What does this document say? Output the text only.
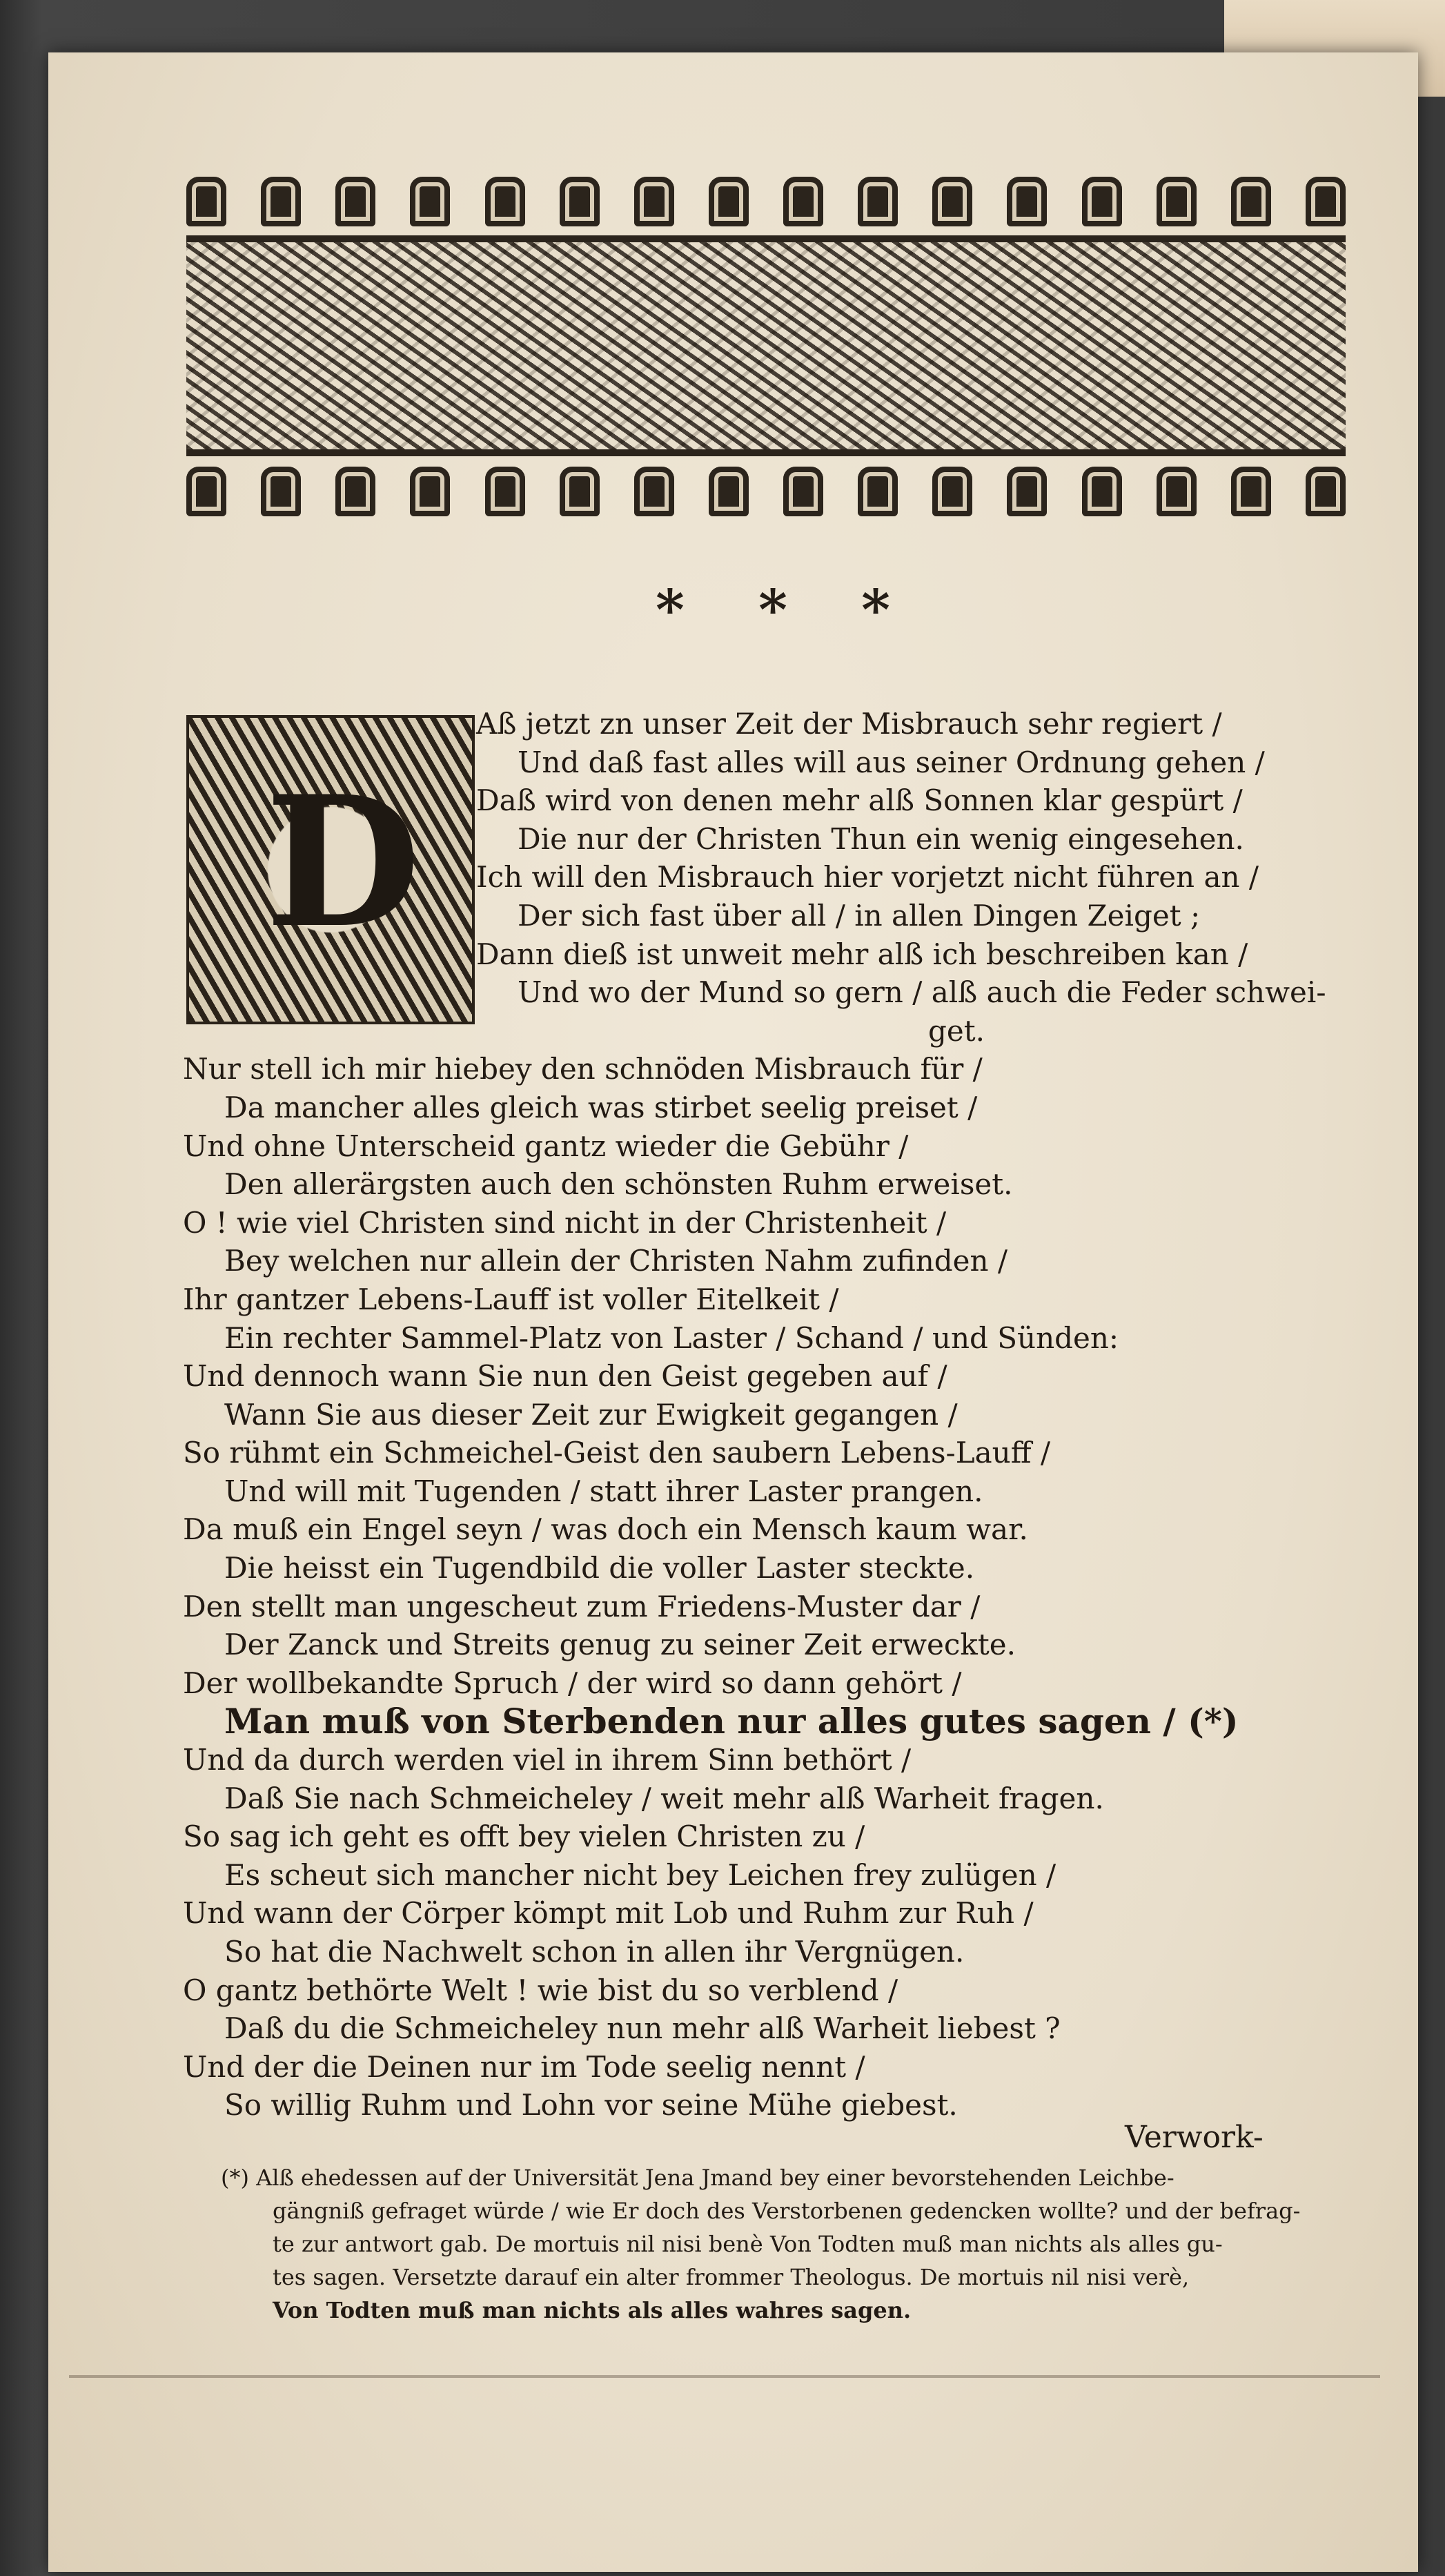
* * *
D
Aß jetzt zn unser Zeit der Misbrauch sehr regiert /
Und daß fast alles will aus seiner Ordnung gehen /
Daß wird von denen mehr alß Sonnen klar gespürt /
Die nur der Christen Thun ein wenig eingesehen.
Ich will den Misbrauch hier vorjetzt nicht führen an /
Der sich fast über all / in allen Dingen Zeiget ;
Dann dieß ist unweit mehr alß ich beschreiben kan /
Und wo der Mund so gern / alß auch die Feder schwei-
get.
Nur stell ich mir hiebey den schnöden Misbrauch für /
Da mancher alles gleich was stirbet seelig preiset /
Und ohne Unterscheid gantz wieder die Gebühr /
Den allerärgsten auch den schönsten Ruhm erweiset.
O ! wie viel Christen sind nicht in der Christenheit /
Bey welchen nur allein der Christen Nahm zufinden /
Ihr gantzer Lebens-Lauff ist voller Eitelkeit /
Ein rechter Sammel-Platz von Laster / Schand / und Sünden:
Und dennoch wann Sie nun den Geist gegeben auf /
Wann Sie aus dieser Zeit zur Ewigkeit gegangen /
So rühmt ein Schmeichel-Geist den saubern Lebens-Lauff /
Und will mit Tugenden / statt ihrer Laster prangen.
Da muß ein Engel seyn / was doch ein Mensch kaum war.
Die heisst ein Tugendbild die voller Laster steckte.
Den stellt man ungescheut zum Friedens-Muster dar /
Der Zanck und Streits genug zu seiner Zeit erweckte.
Der wollbekandte Spruch / der wird so dann gehört /
Man muß von Sterbenden nur alles gutes sagen / (*)
Und da durch werden viel in ihrem Sinn bethört /
Daß Sie nach Schmeicheley / weit mehr alß Warheit fragen.
So sag ich geht es offt bey vielen Christen zu /
Es scheut sich mancher nicht bey Leichen frey zulügen /
Und wann der Cörper kömpt mit Lob und Ruhm zur Ruh /
So hat die Nachwelt schon in allen ihr Vergnügen.
O gantz bethörte Welt ! wie bist du so verblend /
Daß du die Schmeicheley nun mehr alß Warheit liebest ?
Und der die Deinen nur im Tode seelig nennt /
So willig Ruhm und Lohn vor seine Mühe giebest.
Verwork-
(*) Alß ehedessen auf der Universität Jena Jmand bey einer bevorstehenden Leichbe-
gängniß gefraget würde / wie Er doch des Verstorbenen gedencken wollte? und der befrag-
te zur antwort gab. De mortuis nil nisi benè Von Todten muß man nichts als alles gu-
tes sagen. Versetzte darauf ein alter frommer Theologus. De mortuis nil nisi verè,
Von Todten muß man nichts als alles wahres sagen.
